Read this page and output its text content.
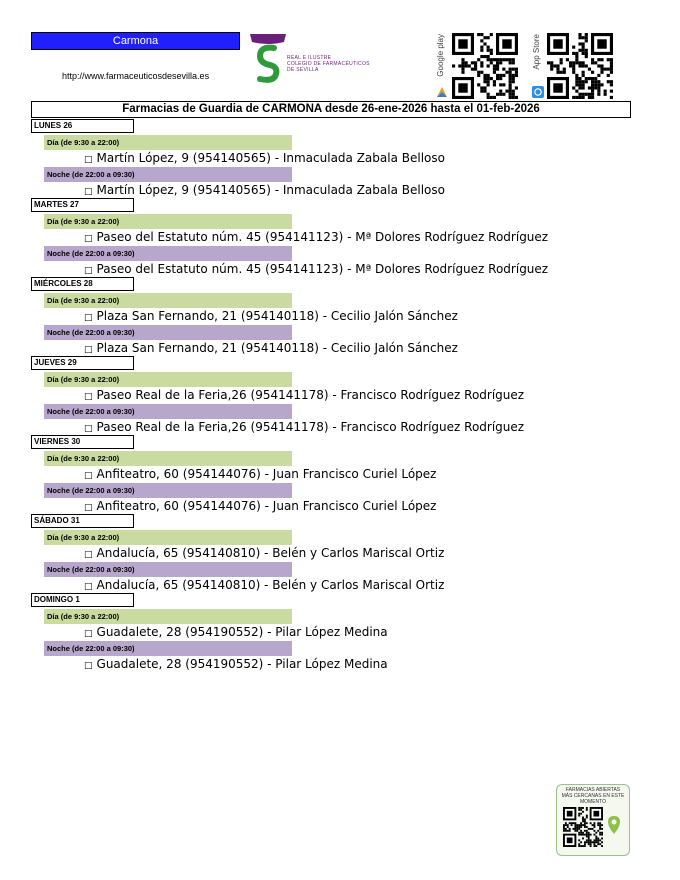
Carmona
http://www.farmaceuticosdesevilla.es
REAL E ILUSTRE
COLEGIO DE FARMACÉUTICOS
DE SEVILLA	Google play	App Store
Farmacias de Guardia de CARMONA desde 26-ene-2026 hasta el 01-feb-2026
LUNES 26
Día (de 9:30 a 22:00)
□ Martín López, 9 (954140565) - Inmaculada Zabala Belloso
Noche (de 22:00 a 09:30)
□ Martín López, 9 (954140565) - Inmaculada Zabala Belloso
MARTES 27
Día (de 9:30 a 22:00)
□ Paseo del Estatuto núm. 45 (954141123) - Mª Dolores Rodríguez Rodríguez
Noche (de 22:00 a 09:30)
□ Paseo del Estatuto núm. 45 (954141123) - Mª Dolores Rodríguez Rodríguez
MIÉRCOLES 28
Día (de 9:30 a 22:00)
□ Plaza San Fernando, 21 (954140118) - Cecilio Jalón Sánchez
Noche (de 22:00 a 09:30)
□ Plaza San Fernando, 21 (954140118) - Cecilio Jalón Sánchez
JUEVES 29
Día (de 9:30 a 22:00)
□ Paseo Real de la Feria,26 (954141178) - Francisco Rodríguez Rodríguez
Noche (de 22:00 a 09:30)
□ Paseo Real de la Feria,26 (954141178) - Francisco Rodríguez Rodríguez
VIERNES 30
Día (de 9:30 a 22:00)
□ Anfiteatro, 60 (954144076) - Juan Francisco Curiel López
Noche (de 22:00 a 09:30)
□ Anfiteatro, 60 (954144076) - Juan Francisco Curiel López
SÁBADO 31
Día (de 9:30 a 22:00)
□ Andalucía, 65 (954140810) - Belén y Carlos Mariscal Ortiz
Noche (de 22:00 a 09:30)
□ Andalucía, 65 (954140810) - Belén y Carlos Mariscal Ortiz
DOMINGO 1
Día (de 9:30 a 22:00)
□ Guadalete, 28 (954190552) - Pilar López Medina
Noche (de 22:00 a 09:30)
□ Guadalete, 28 (954190552) - Pilar López Medina
FARMACIAS ABIERTAS MÁS CERCANAS EN ESTE MOMENTO
